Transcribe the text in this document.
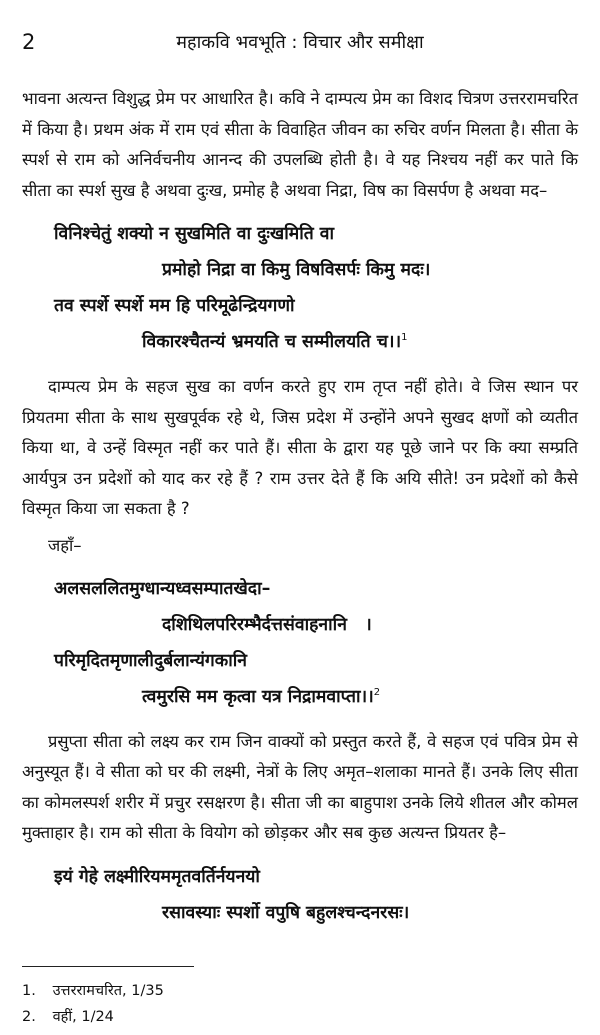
2	महाकवि भवभूति : विचार और समीक्षा

भावना अत्यन्त विशुद्ध प्रेम पर आधारित है। कवि ने दाम्पत्य प्रेम का विशद चित्रण उत्तररामचरित में किया है। प्रथम अंक में राम एवं सीता के विवाहित जीवन का रुचिर वर्णन मिलता है। सीता के स्पर्श से राम को अनिर्वचनीय आनन्द की उपलब्धि होती है। वे यह निश्चय नहीं कर पाते कि सीता का स्पर्श सुख है अथवा दुःख, प्रमोह है अथवा निद्रा, विष का विसर्पण है अथवा मद–

विनिश्चेतुं शक्यो न सुखमिति वा दुःखमिति वा
प्रमोहो निद्रा वा किमु विषविसर्पः किमु मदः।
तव स्पर्शे स्पर्शे मम हि परिमूढेन्द्रियगणो
विकारश्चैतन्यं भ्रमयति च सम्मीलयति च।।$^1$

दाम्पत्य प्रेम के सहज सुख का वर्णन करते हुए राम तृप्त नहीं होते। वे जिस स्थान पर प्रियतमा सीता के साथ सुखपूर्वक रहे थे, जिस प्रदेश में उन्होंने अपने सुखद क्षणों को व्यतीत किया था, वे उन्हें विस्मृत नहीं कर पाते हैं। सीता के द्वारा यह पूछे जाने पर कि क्या सम्प्रति आर्यपुत्र उन प्रदेशों को याद कर रहे हैं ? राम उत्तर देते हैं कि अयि सीते! उन प्रदेशों को कैसे विस्मृत किया जा सकता है ?

जहाँ–
अलसललितमुग्धान्यध्वसम्पातखेदा–
दशिथिलपरिरम्भैर्दत्तसंवाहनानि   ।
परिमृदितमृणालीदुर्बलान्यंगकानि
त्वमुरसि मम कृत्वा यत्र निद्रामवाप्ता।।$^2$

प्रसुप्ता सीता को लक्ष्य कर राम जिन वाक्यों को प्रस्तुत करते हैं, वे सहज एवं पवित्र प्रेम से अनुस्यूत हैं। वे सीता को घर की लक्ष्मी, नेत्रों के लिए अमृत–शलाका मानते हैं। उनके लिए सीता का कोमलस्पर्श शरीर में प्रचुर रसक्षरण है। सीता जी का बाहुपाश उनके लिये शीतल और कोमल मुक्ताहार है। राम को सीता के वियोग को छोड़कर और सब कुछ अत्यन्त प्रियतर है–

इयं गेहे लक्ष्मीरियममृतवर्तिर्नयनयो
रसावस्याः स्पर्शो वपुषि बहुलश्चन्दनरसः।
1. उत्तररामचरित, 1/35
2. वहीं, 1/24
